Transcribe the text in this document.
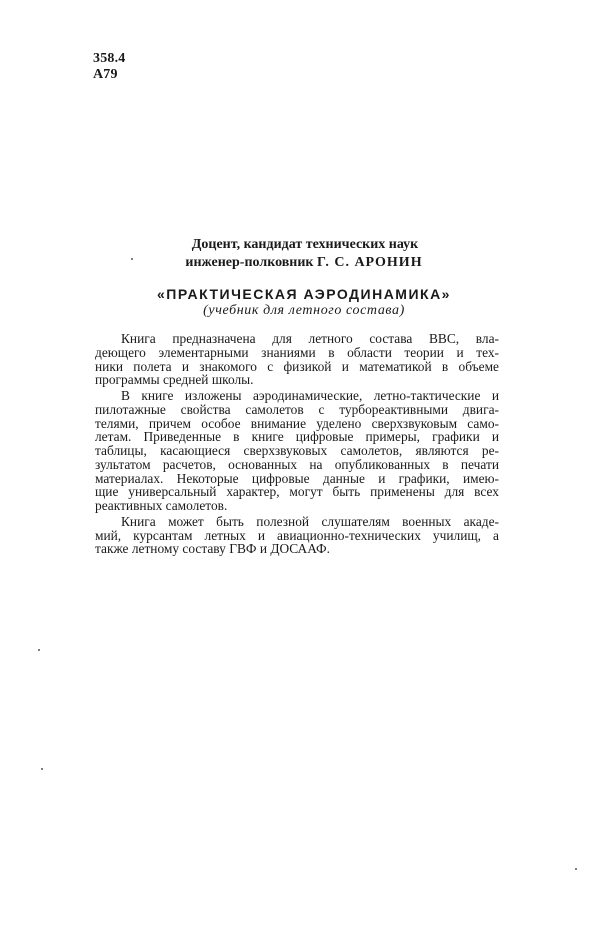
358.4
А79
Доцент, кандидат технических наук
инженер-полковник Г. С. АРОНИН
«ПРАКТИЧЕСКАЯ АЭРОДИНАМИКА»
(учебник для летного состава)
Книга предназначена для летного состава ВВС, вла-
деющего элементарными знаниями в области теории и тех-
ники полета и знакомого с физикой и математикой в объеме
программы средней школы.
В книге изложены аэродинамические, летно-тактические и
пилотажные свойства самолетов с турбореактивными двига-
телями, причем особое внимание уделено сверхзвуковым само-
летам. Приведенные в книге цифровые примеры, графики и
таблицы, касающиеся сверхзвуковых самолетов, являются ре-
зультатом расчетов, основанных на опубликованных в печати
материалах. Некоторые цифровые данные и графики, имею-
щие универсальный характер, могут быть применены для всех
реактивных самолетов.
Книга может быть полезной слушателям военных акаде-
мий, курсантам летных и авиационно-технических училищ, а
также летному составу ГВФ и ДОСААФ.
